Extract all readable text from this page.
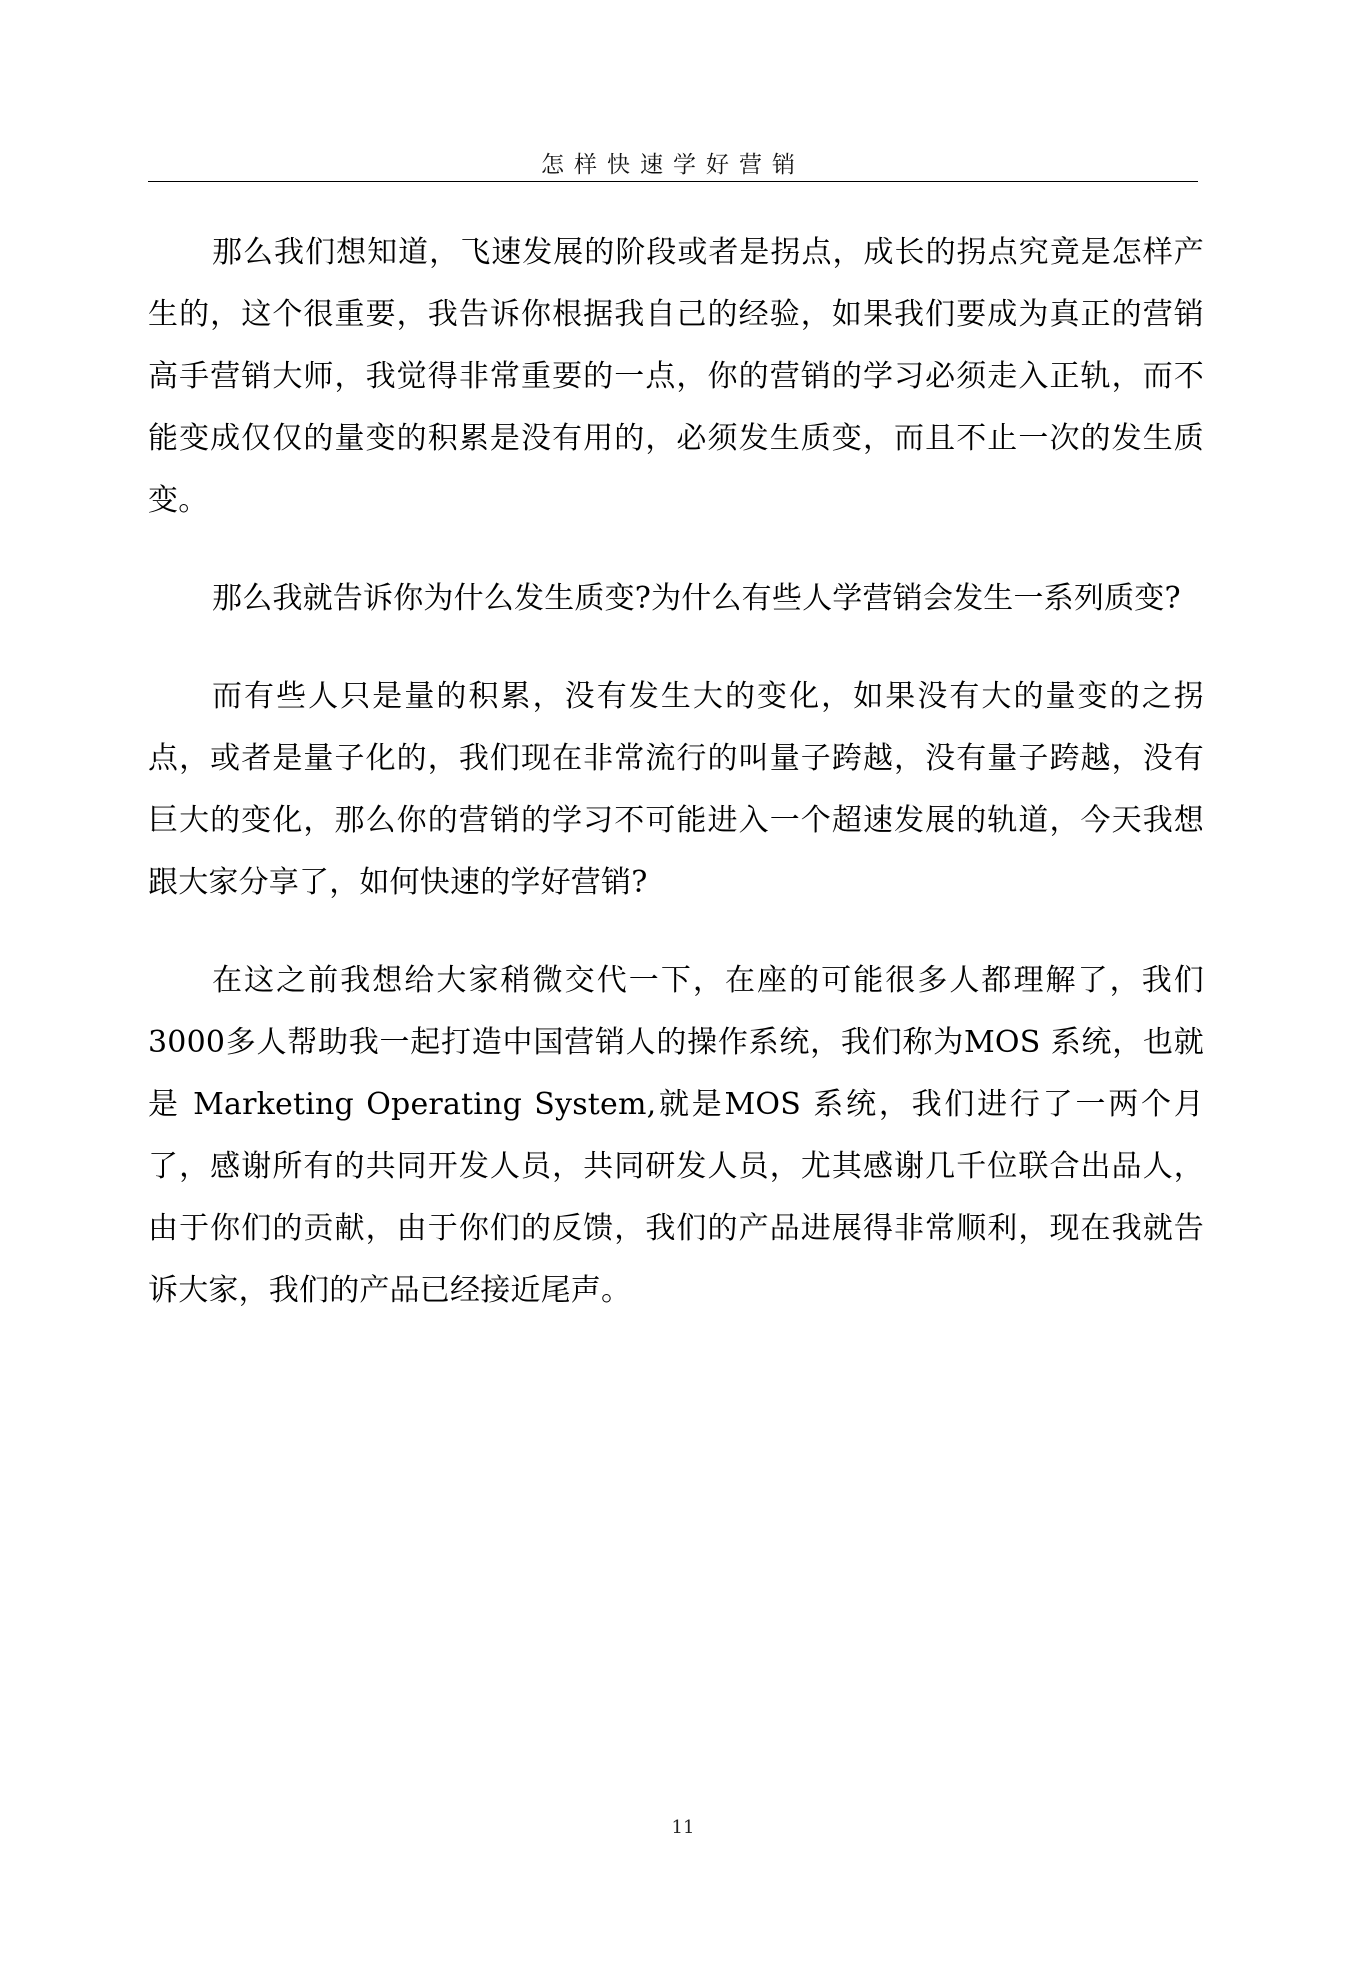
怎样快速学好营销

那么我们想知道，飞速发展的阶段或者是拐点，成长的拐点究竟是怎样产生的，这个很重要，我告诉你根据我自己的经验，如果我们要成为真正的营销高手营销大师，我觉得非常重要的一点，你的营销的学习必须走入正轨，而不能变成仅仅的量变的积累是没有用的，必须发生质变，而且不止一次的发生质变。

那么我就告诉你为什么发生质变?为什么有些人学营销会发生一系列质变?

而有些人只是量的积累，没有发生大的变化，如果没有大的量变的之拐点，或者是量子化的，我们现在非常流行的叫量子跨越，没有量子跨越，没有巨大的变化，那么你的营销的学习不可能进入一个超速发展的轨道，今天我想跟大家分享了，如何快速的学好营销?

在这之前我想给大家稍微交代一下，在座的可能很多人都理解了，我们3000多人帮助我一起打造中国营销人的操作系统，我们称为MOS 系统，也就是 Marketing Operating System,就是MOS 系统，我们进行了一两个月了，感谢所有的共同开发人员，共同研发人员，尤其感谢几千位联合出品人，由于你们的贡献，由于你们的反馈，我们的产品进展得非常顺利，现在我就告诉大家，我们的产品已经接近尾声。

11
